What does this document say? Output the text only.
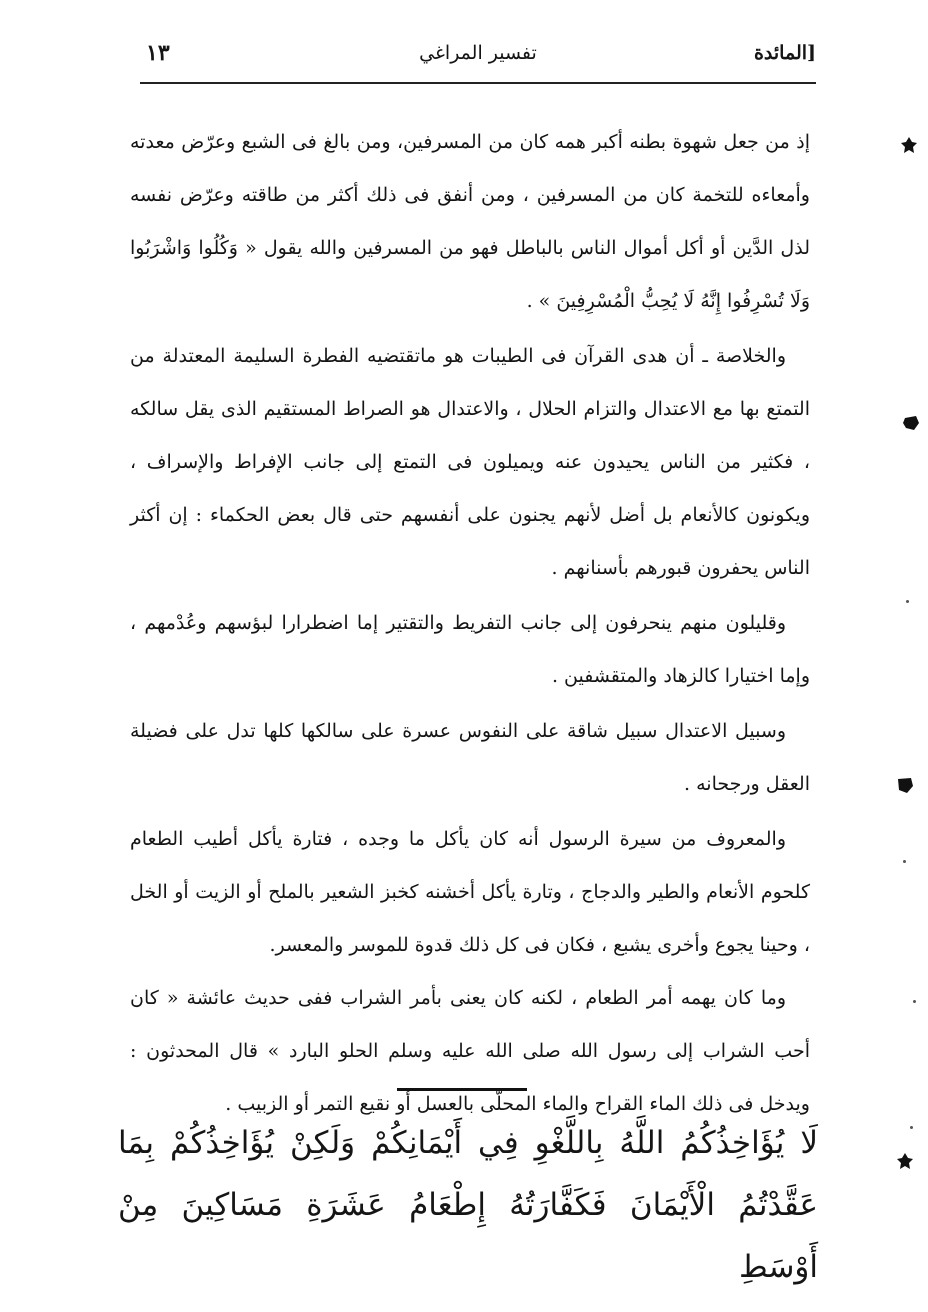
[المائدة
تفسير المراغي
١٣

إذ من جعل شهوة بطنه أكبر همه كان من المسرفين، ومن بالغ فى الشبع وعرّض معدته وأمعاءه للتخمة كان من المسرفين ، ومن أنفق فى ذلك أكثر من طاقته وعرّض نفسه لذل الدَّين أو أكل أموال الناس بالباطل فهو من المسرفين والله يقول « وَكُلُوا وَاشْرَبُوا وَلَا تُسْرِفُوا إِنَّهُ لَا يُحِبُّ الْمُسْرِفِينَ » .

والخلاصة ـ أن هدى القرآن فى الطيبات هو ماتقتضيه الفطرة السليمة المعتدلة من التمتع بها مع الاعتدال والتزام الحلال ، والاعتدال هو الصراط المستقيم الذى يقل سالكه ، فكثير من الناس يحيدون عنه ويميلون فى التمتع إلى جانب الإفراط والإسراف ، ويكونون كالأنعام بل أضل لأنهم يجنون على أنفسهم حتى قال بعض الحكماء : إن أكثر الناس يحفرون قبورهم بأسنانهم .

وقليلون منهم ينحرفون إلى جانب التفريط والتقتير إما اضطرارا لبؤسهم وعُدْمهم ، وإما اختيارا كالزهاد والمتقشفين .

وسبيل الاعتدال سبيل شاقة على النفوس عسرة على سالكها كلها تدل على فضيلة العقل ورجحانه .

والمعروف من سيرة الرسول أنه كان يأكل ما وجده ، فتارة يأكل أطيب الطعام كلحوم الأنعام والطير والدجاج ، وتارة يأكل أخشنه كخبز الشعير بالملح أو الزيت أو الخل ، وحينا يجوع وأخرى يشبع ، فكان فى كل ذلك قدوة للموسر والمعسر.

وما كان يهمه أمر الطعام ، لكنه كان يعنى بأمر الشراب ففى حديث عائشة « كان أحب الشراب إلى رسول الله صلى الله عليه وسلم الحلو البارد » قال المحدثون : ويدخل فى ذلك الماء القراح والماء المحلّى بالعسل أو نقيع التمر أو الزبيب .

لَا يُؤَاخِذُكُمُ اللَّهُ بِاللَّغْوِ فِي أَيْمَانِكُمْ وَلَكِنْ يُؤَاخِذُكُمْ بِمَا عَقَّدْتُمُ الْأَيْمَانَ فَكَفَّارَتُهُ إِطْعَامُ عَشَرَةِ مَسَاكِينَ مِنْ أَوْسَطِ
